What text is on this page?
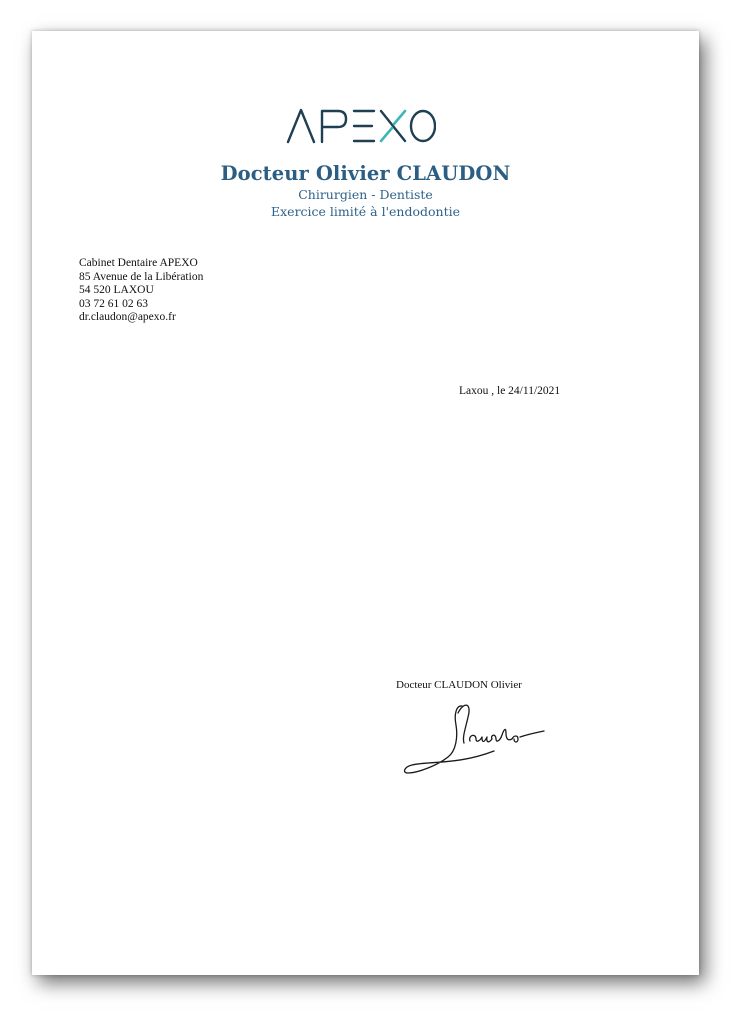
Docteur Olivier CLAUDON
Chirurgien - Dentiste
Exercice limité à l'endodontie
Cabinet Dentaire APEXO
85 Avenue de la Libération
54 520 LAXOU
03 72 61 02 63
dr.claudon@apexo.fr
Laxou , le 24/11/2021
Docteur CLAUDON Olivier
